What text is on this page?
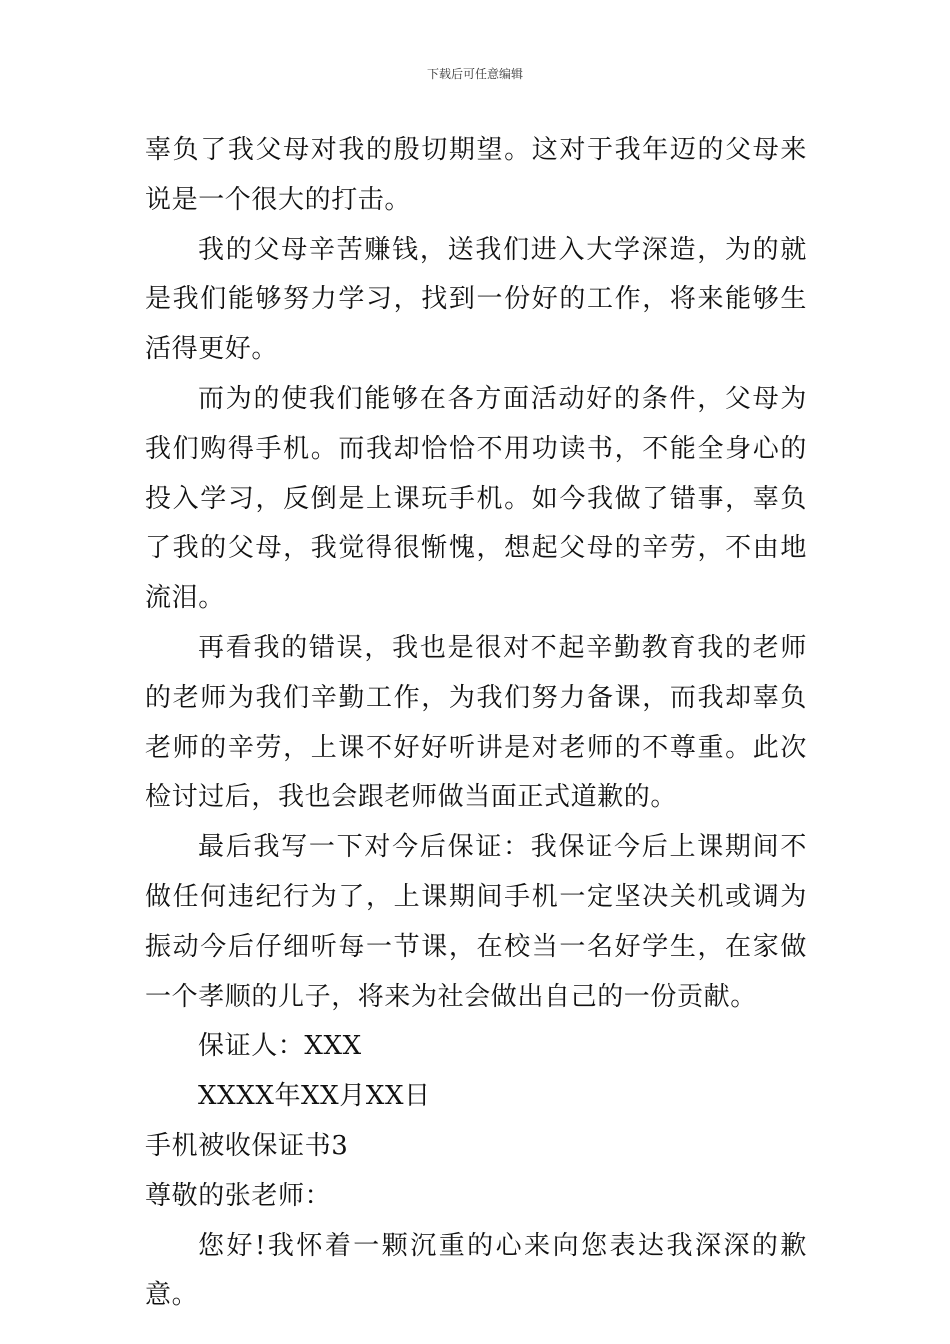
下载后可任意编辑

辜负了我父母对我的殷切期望。这对于我年迈的父母来说是一个很大的打击。

我的父母辛苦赚钱，送我们进入大学深造，为的就是我们能够努力学习，找到一份好的工作，将来能够生活得更好。

而为的使我们能够在各方面活动好的条件，父母为我们购得手机。而我却恰恰不用功读书，不能全身心的投入学习，反倒是上课玩手机。如今我做了错事，辜负了我的父母，我觉得很惭愧，想起父母的辛劳，不由地流泪。

再看我的错误，我也是很对不起辛勤教育我的老师的老师为我们辛勤工作，为我们努力备课，而我却辜负老师的辛劳，上课不好好听讲是对老师的不尊重。此次检讨过后，我也会跟老师做当面正式道歉的。

最后我写一下对今后保证：我保证今后上课期间不做任何违纪行为了，上课期间手机一定坚决关机或调为振动今后仔细听每一节课，在校当一名好学生，在家做一个孝顺的儿子，将来为社会做出自己的一份贡献。

保证人：XXX

XXXX年XX月XX日

手机被收保证书3

尊敬的张老师：

您好!我怀着一颗沉重的心来向您表达我深深的歉意。
